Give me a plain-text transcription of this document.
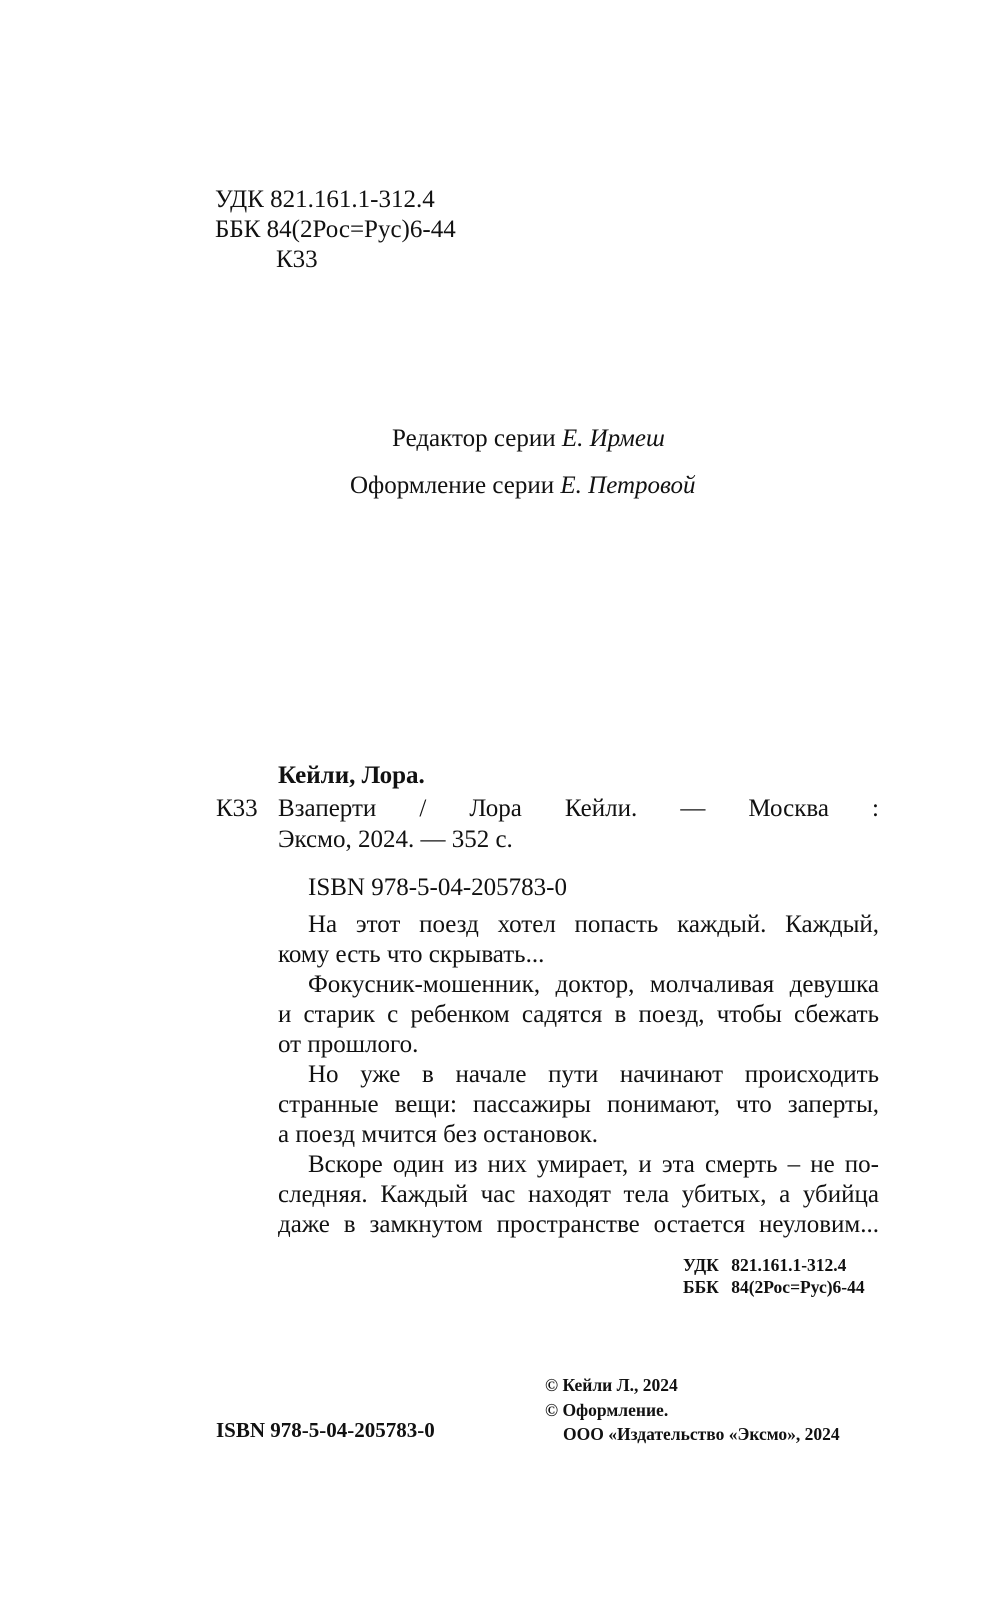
УДК 821.161.1-312.4
ББК 84(2Рос=Рус)6-44
К33
Редактор серии Е. Ирмеш
Оформление серии Е. Петровой
Кейли, Лора.
К33 Взаперти / Лора Кейли. — Москва :
Эксмо, 2024. — 352 с.
ISBN 978-5-04-205783-0
На этот поезд хотел попасть каждый. Каждый,
кому есть что скрывать...
Фокусник-мошенник, доктор, молчаливая девушка
и старик с ребенком садятся в поезд, чтобы сбежать
от прошлого.
Но уже в начале пути начинают происходить
странные вещи: пассажиры понимают, что заперты,
а поезд мчится без остановок.
Вскоре один из них умирает, и эта смерть – не по-
следняя. Каждый час находят тела убитых, а убийца
даже в замкнутом пространстве остается неуловим...
УДК 821.161.1-312.4
ББК 84(2Рос=Рус)6-44
© Кейли Л., 2024
© Оформление.
ООО «Издательство «Эксмо», 2024
ISBN 978-5-04-205783-0
